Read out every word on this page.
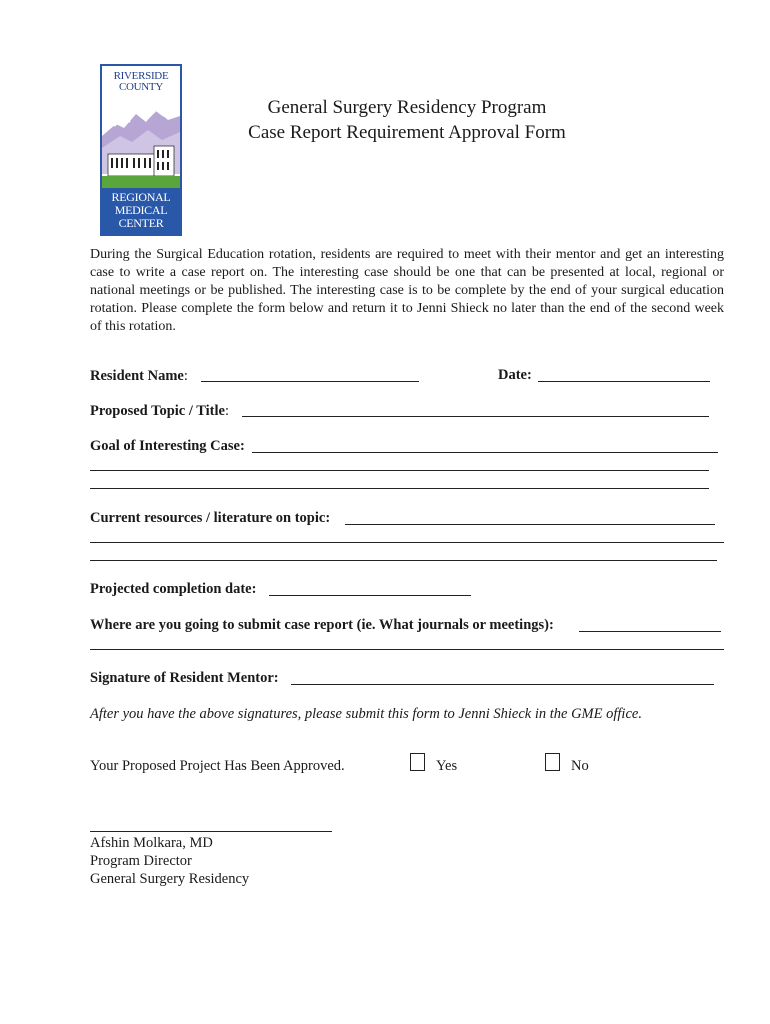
RIVERSIDE
COUNTY
REGIONAL
MEDICAL
CENTER
General Surgery Residency Program
Case Report Requirement Approval Form
During the Surgical Education rotation, residents are required to meet with their mentor and get an interesting case to write a case report on. The interesting case should be one that can be presented at local, regional or national meetings or be published. The interesting case is to be complete by the end of your surgical education rotation. Please complete the form below and return it to Jenni Shieck no later than the end of the second week of this rotation.
Resident Name:	Date:
Proposed Topic / Title:
Goal of Interesting Case:
Current resources / literature on topic:
Projected completion date:
Where are you going to submit case report (ie. What journals or meetings):
Signature of Resident Mentor:
After you have the above signatures, please submit this form to Jenni Shieck in the GME office.
Your Proposed Project Has Been Approved.	Yes	No
Afshin Molkara, MD
Program Director
General Surgery Residency
